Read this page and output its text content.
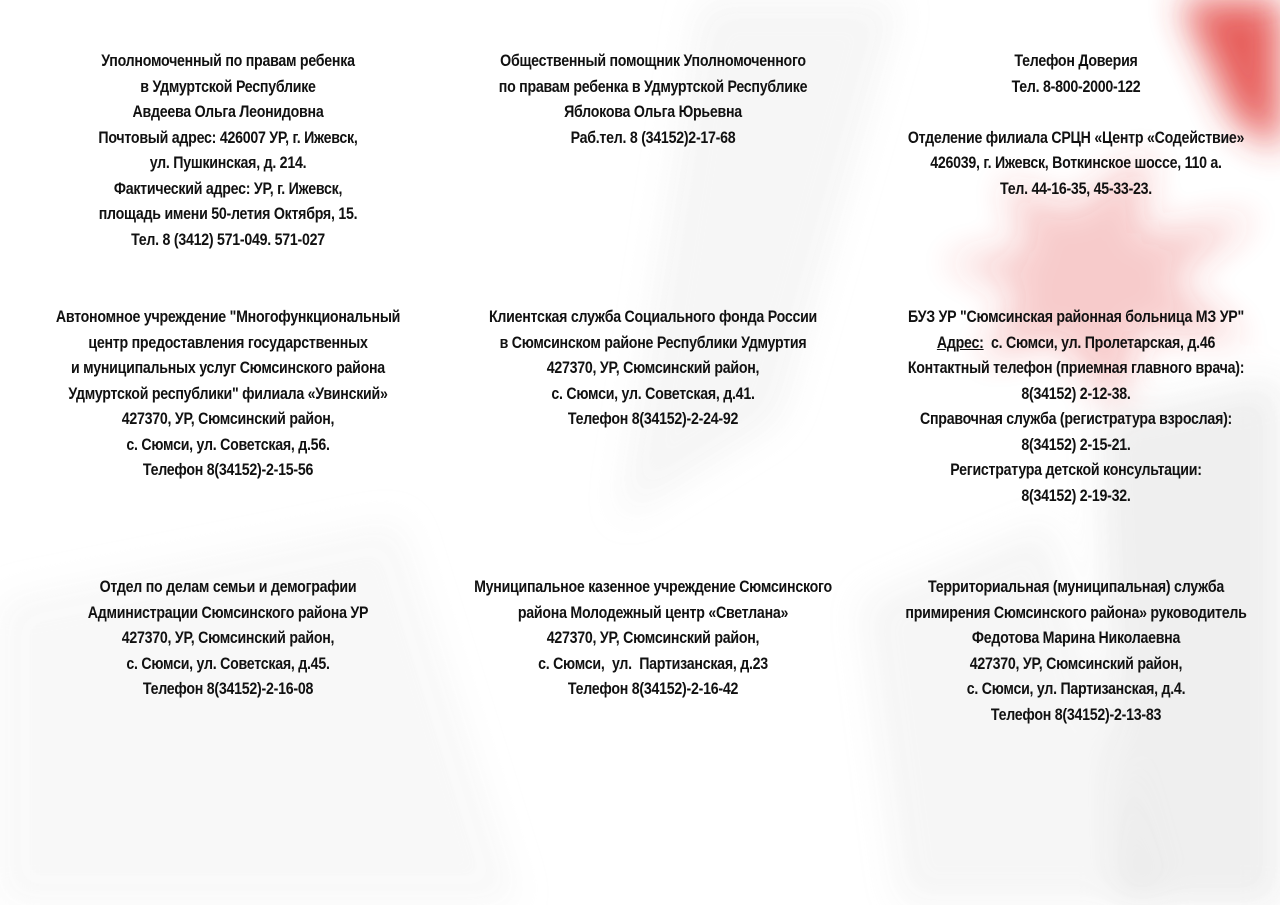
Уполномоченный по правам ребенка
в Удмуртской Республике
Авдеева Ольга Леонидовна
Почтовый адрес: 426007 УР, г. Ижевск,
ул. Пушкинская, д. 214.
Фактический адрес: УР, г. Ижевск,
площадь имени 50-летия Октября, 15.
Тел. 8 (3412) 571-049. 571-027
Общественный помощник Уполномоченного
по правам ребенка в Удмуртской Республике
Яблокова Ольга Юрьевна
Раб.тел. 8 (34152)2-17-68
Телефон Доверия
Тел. 8-800-2000-122

Отделение филиала СРЦН «Центр «Содействие»
426039, г. Ижевск, Воткинское шоссе, 110 а.
Тел. 44-16-35, 45-33-23.
Автономное учреждение "Многофункциональный
центр предоставления государственных
и муниципальных услуг Сюмсинского района
Удмуртской республики" филиала «Увинский»
427370, УР, Сюмсинский район,
с. Сюмси, ул. Советская, д.56.
Телефон 8(34152)-2-15-56
Клиентская служба Социального фонда России
в Сюмсинском районе Республики Удмуртия
427370, УР, Сюмсинский район,
с. Сюмси, ул. Советская, д.41.
Телефон 8(34152)-2-24-92
БУЗ УР "Сюмсинская районная больница МЗ УР"
Адрес:  с. Сюмси, ул. Пролетарская, д.46
Контактный телефон (приемная главного врача):
8(34152) 2-12-38.
Справочная служба (регистратура взрослая):
8(34152) 2-15-21.
Регистратура детской консультации:
8(34152) 2-19-32.
Отдел по делам семьи и демографии
Администрации Сюмсинского района УР
427370, УР, Сюмсинский район,
с. Сюмси, ул. Советская, д.45.
Телефон 8(34152)-2-16-08
Муниципальное казенное учреждение Сюмсинского
района Молодежный центр «Светлана»
427370, УР, Сюмсинский район,
с. Сюмси,  ул.  Партизанская, д.23
Телефон 8(34152)-2-16-42
Территориальная (муниципальная) служба
примирения Сюмсинского района» руководитель
Федотова Марина Николаевна
427370, УР, Сюмсинский район,
с. Сюмси, ул. Партизанская, д.4.
Телефон 8(34152)-2-13-83
